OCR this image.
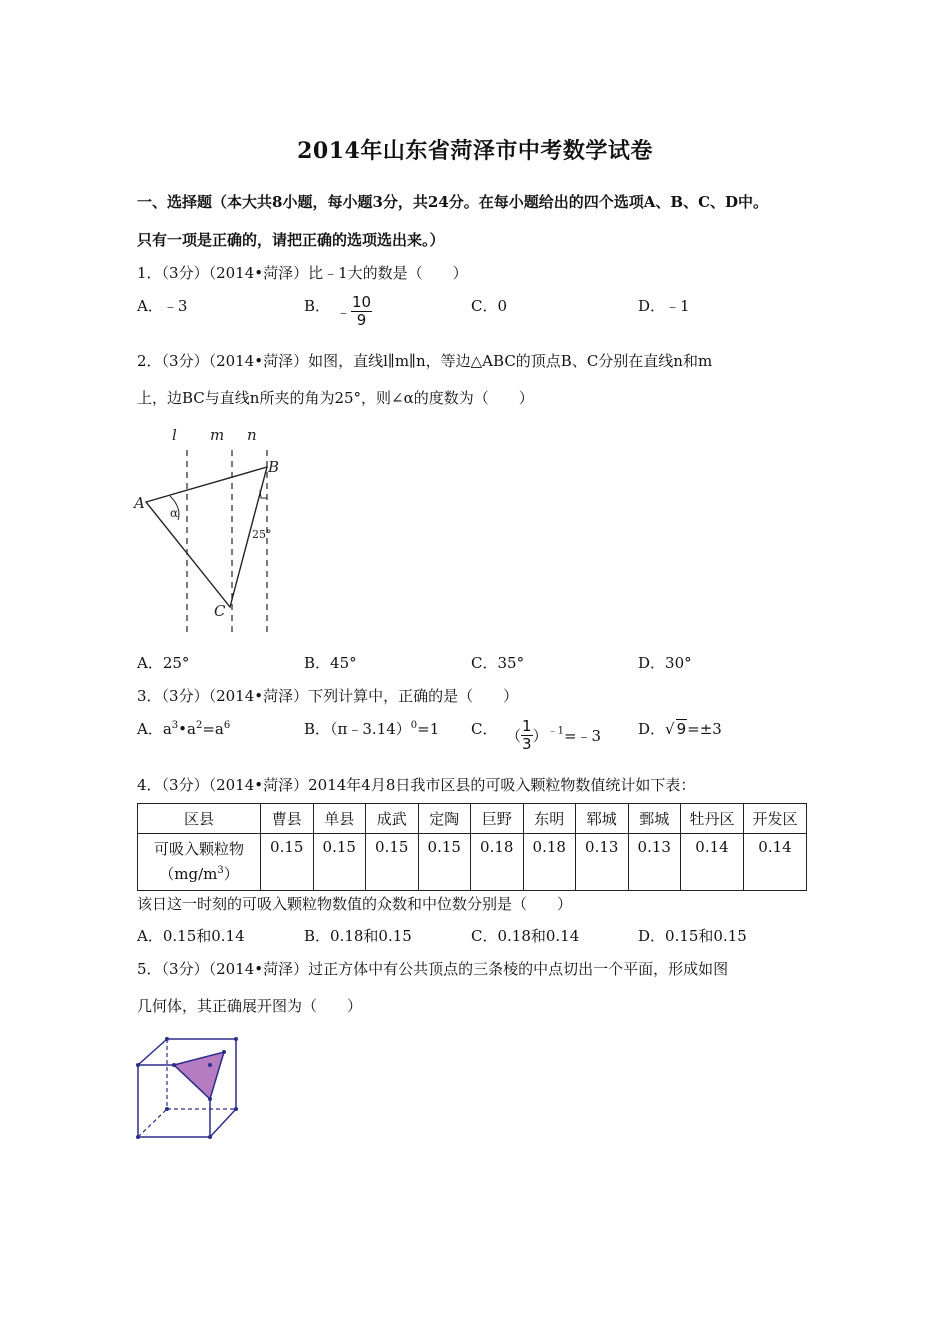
2014年山东省菏泽市中考数学试卷
一、选择题（本大共8小题，每小题3分，共24分。在每小题给出的四个选项A、B、C、D中。
只有一项是正确的，请把正确的选项选出来。）
1．（3分）（2014•菏泽）比﹣1大的数是（　　）
A．﹣3	B． ﹣ $\frac{10}{9}$	C．0	D．﹣1
2．（3分）（2014•菏泽）如图，直线l∥m∥n，等边△ABC的顶点B、C分别在直线n和m
上，边BC与直线n所夹的角为25°，则∠α的度数为（　　）
l m n
A
B
C
α
25°
A．25°	B．45°	C．35°	D．30°
3．（3分）（2014•菏泽）下列计算中，正确的是（　　）
A．$a^3•a^2=a^6$	B．（π﹣3.14）$^0$=1 C． （ $\frac{1}{3}$ ）$^{﹣1}$=﹣3 D．√ 9=±3
4．（3分）（2014•菏泽）2014年4月8日我市区县的可吸入颗粒物数值统计如下表：
区县	曹县	单县	成武	定陶	巨野	东明	郓城	鄄城	牡丹区	开发区

可吸入颗粒物
$(mg/m^3)$	0.15	0.15	0.15	0.15	0.18	0.18	0.13	0.13	0.14	0.14
该日这一时刻的可吸入颗粒物数值的众数和中位数分别是（　　）
A．0.15和0.14	B．0.18和0.15	C．0.18和0.14	D．0.15和0.15
5．（3分）（2014•菏泽）过正方体中有公共顶点的三条棱的中点切出一个平面，形成如图
几何体，其正确展开图为（　　）
